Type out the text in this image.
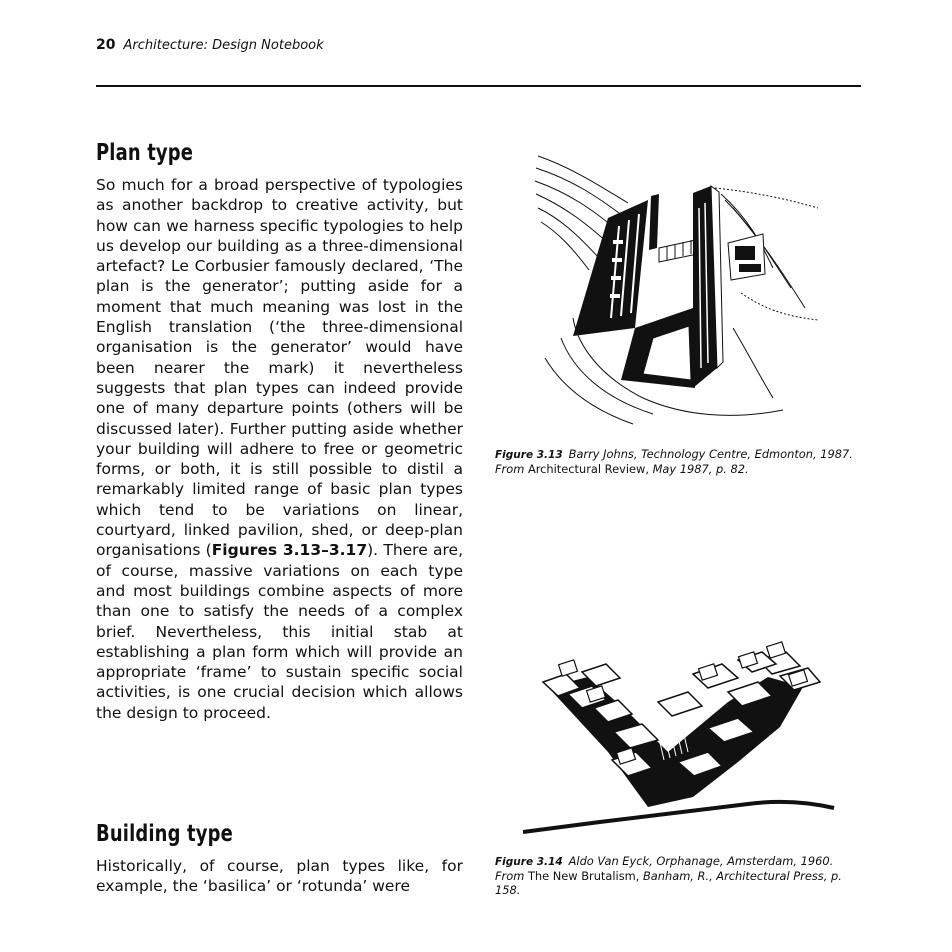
20 Architecture: Design Notebook
Plan type
So much for a broad perspective of typologies as another backdrop to creative activity, but how can we harness specific typologies to help us develop our building as a three-dimensional artefact? Le Corbusier famously declared, ‘The plan is the generator’; putting aside for a moment that much meaning was lost in the English translation (‘the three-dimensional organisation is the generator’ would have been nearer the mark) it nevertheless suggests that plan types can indeed provide one of many departure points (others will be discussed later). Further putting aside whether your building will adhere to free or geometric forms, or both, it is still possible to distil a remarkably limited range of basic plan types which tend to be variations on linear, courtyard, linked pavilion, shed, or deep-plan organisations (Figures 3.13–3.17). There are, of course, massive variations on each type and most buildings combine aspects of more than one to satisfy the needs of a complex brief. Nevertheless, this initial stab at establishing a plan form which will provide an appropriate ‘frame’ to sustain specific social activities, is one crucial decision which allows the design to proceed.
Building type
Historically, of course, plan types like, for example, the ‘basilica’ or ‘rotunda’ were
Figure 3.13 Barry Johns, Technology Centre, Edmonton, 1987. From Architectural Review, May 1987, p. 82.
Figure 3.14 Aldo Van Eyck, Orphanage, Amsterdam, 1960. From The New Brutalism, Banham, R., Architectural Press, p. 158.
